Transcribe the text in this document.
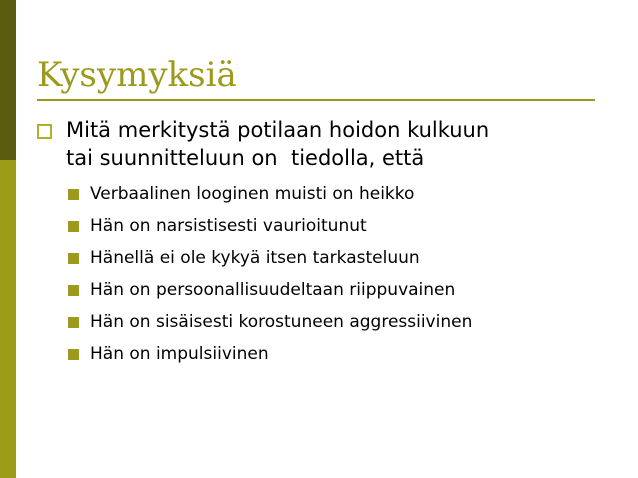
Kysymyksiä
Mitä merkitystä potilaan hoidon kulkuun
tai suunnitteluun on  tiedolla, että
Verbaalinen looginen muisti on heikko
Hän on narsistisesti vaurioitunut
Hänellä ei ole kykyä itsen tarkasteluun
Hän on persoonallisuudeltaan riippuvainen
Hän on sisäisesti korostuneen aggressiivinen
Hän on impulsiivinen
